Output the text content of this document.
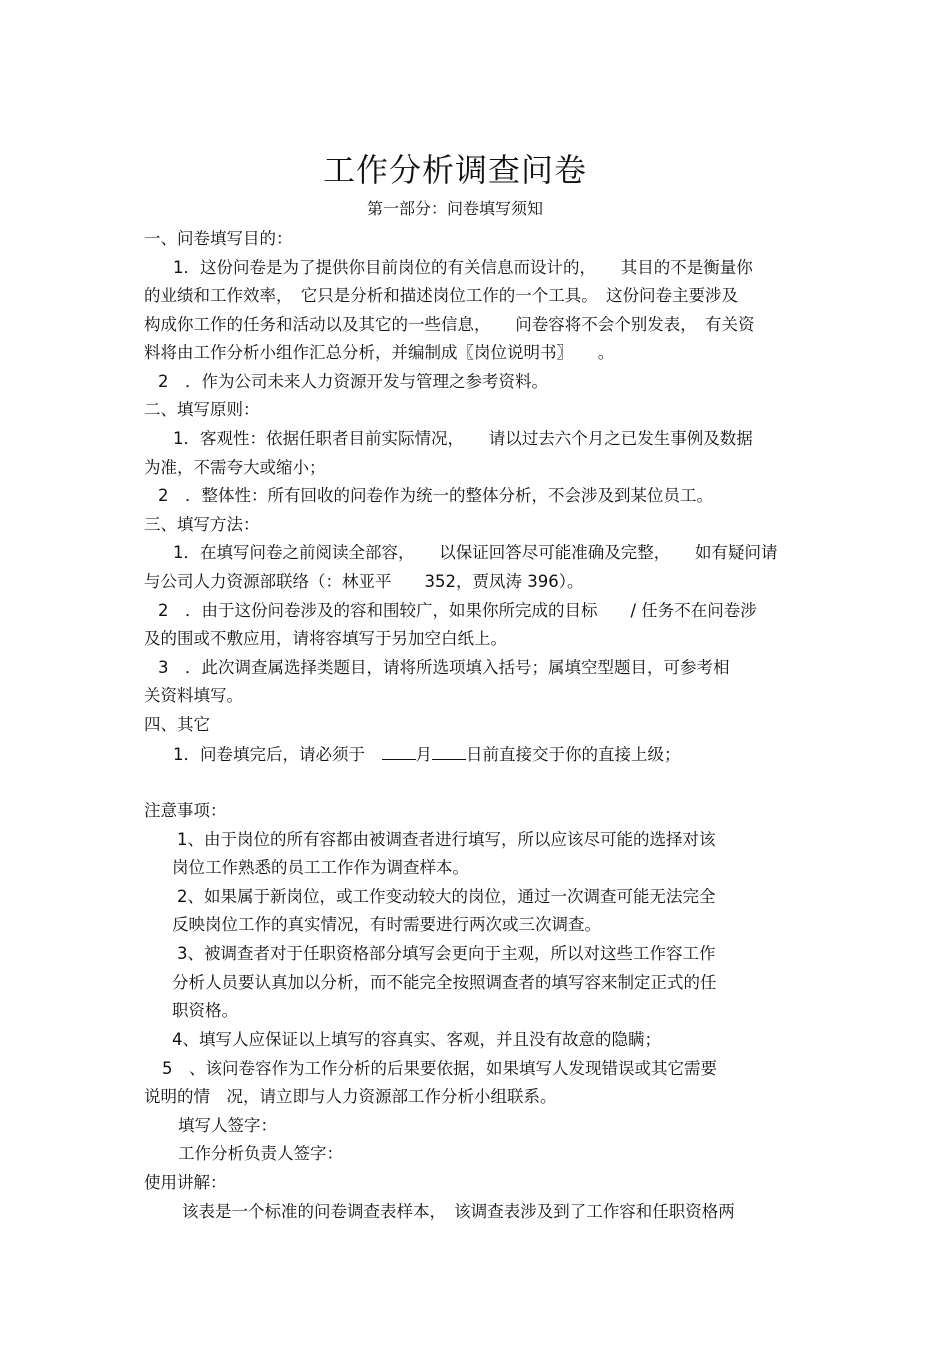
工作分析调查问卷
第一部分：问卷填写须知
一、问卷填写目的：
1．这份问卷是为了提供你目前岗位的有关信息而设计的，　　其目的不是衡量你
的业绩和工作效率，　它只是分析和描述岗位工作的一个工具。　这份问卷主要涉及
构成你工作的任务和活动以及其它的一些信息，　　问卷容将不会个别发表，　有关资
料将由工作分析小组作汇总分析，并编制成〖岗位说明书〗　　。
2　．作为公司未来人力资源开发与管理之参考资料。
二、填写原则：
1．客观性：依据任职者目前实际情况，　　请以过去六个月之已发生事例及数据
为准，不需夸大或缩小；
2　．整体性：所有回收的问卷作为统一的整体分析，不会涉及到某位员工。
三、填写方法：
1．在填写问卷之前阅读全部容，　　以保证回答尽可能准确及完整，　　如有疑问请
与公司人力资源部联络（：林亚平　　352，贾凤涛 396）。
2　．由于这份问卷涉及的容和围较广，如果你所完成的目标　　/ 任务不在问卷涉
及的围或不敷应用，请将容填写于另加空白纸上。
3　．此次调查属选择类题目，请将所选项填入括号；属填空型题目，可参考相
关资料填写。
四、其它
1．问卷填完后，请必须于　月 日前直接交于你的直接上级；
注意事项：
1、由于岗位的所有容都由被调查者进行填写，所以应该尽可能的选择对该
岗位工作熟悉的员工工作作为调查样本。
2、如果属于新岗位，或工作变动较大的岗位，通过一次调查可能无法完全
反映岗位工作的真实情况，有时需要进行两次或三次调查。
3、被调查者对于任职资格部分填写会更向于主观，所以对这些工作容工作
分析人员要认真加以分析，而不能完全按照调查者的填写容来制定正式的任
职资格。
4、填写人应保证以上填写的容真实、客观，并且没有故意的隐瞒；
5　、该问卷容作为工作分析的后果要依据，如果填写人发现错误或其它需要
说明的情　况，请立即与人力资源部工作分析小组联系。
填写人签字：
工作分析负责人签字：
使用讲解：
该表是一个标准的问卷调查表样本，　该调查表涉及到了工作容和任职资格两
